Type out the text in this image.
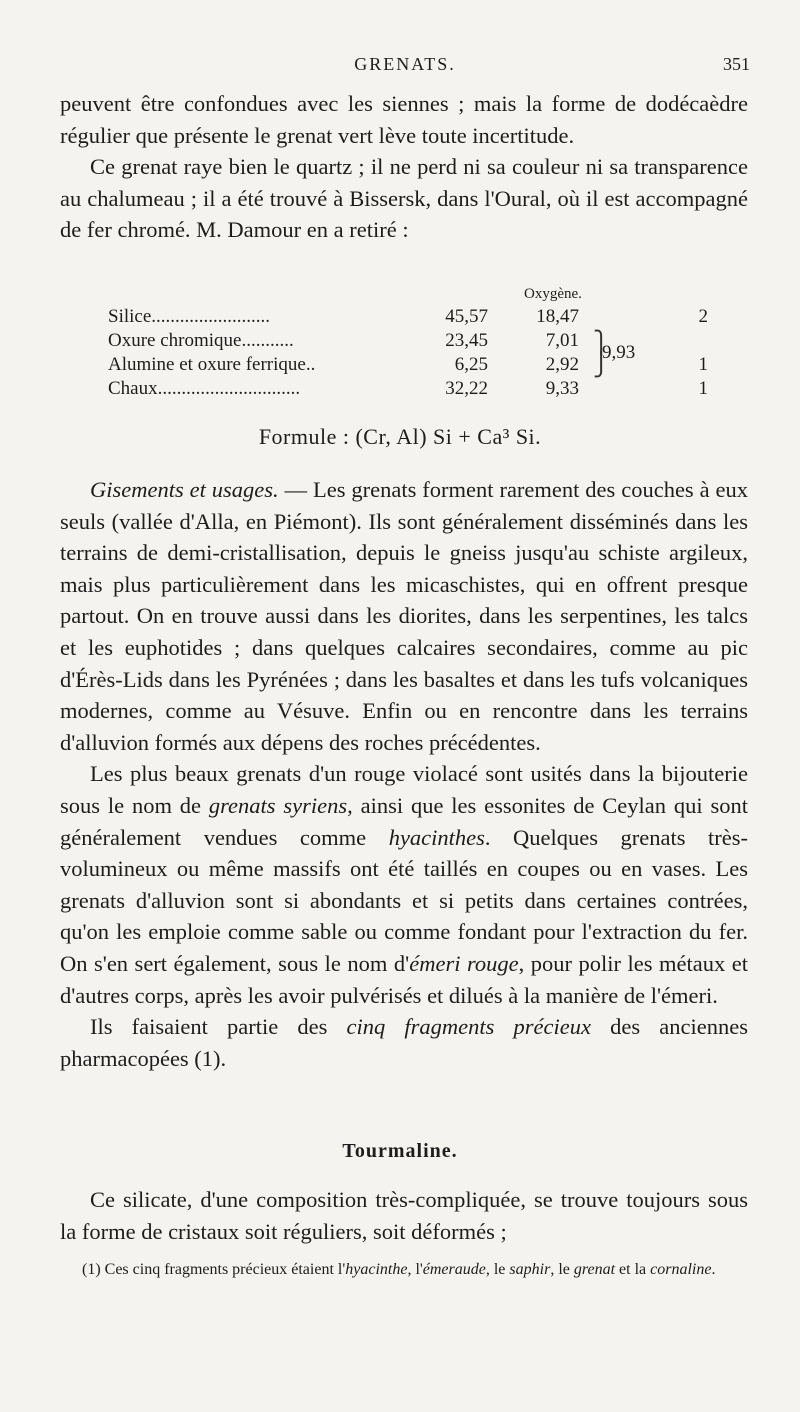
GRENATS.	351

peuvent être confondues avec les siennes ; mais la forme de dodécaèdre régulier que présente le grenat vert lève toute incertitude.

Ce grenat raye bien le quartz ; il ne perd ni sa couleur ni sa transparence au chalumeau ; il a été trouvé à Bissersk, dans l'Oural, où il est accompagné de fer chromé. M. Damour en a retiré :

Oxygène.
Silice.........................	45,57	18,47	2
Oxure chromique...........	23,45	7,01
Alumine et oxure ferrique..	6,25	2,92	1
Chaux..............................	32,22	9,33	1
⎫
⎭
9,93
Formule : (Cr, Al) Si + Ca³ Si.

Gisements et usages. — Les grenats forment rarement des couches à eux seuls (vallée d'Alla, en Piémont). Ils sont généralement disséminés dans les terrains de demi-cristallisation, depuis le gneiss jusqu'au schiste argileux, mais plus particulièrement dans les micaschistes, qui en offrent presque partout. On en trouve aussi dans les diorites, dans les serpentines, les talcs et les euphotides ; dans quelques calcaires secondaires, comme au pic d'Érès-Lids dans les Pyrénées ; dans les basaltes et dans les tufs volcaniques modernes, comme au Vésuve. Enfin ou en rencontre dans les terrains d'alluvion formés aux dépens des roches précédentes.

Les plus beaux grenats d'un rouge violacé sont usités dans la bijouterie sous le nom de grenats syriens, ainsi que les essonites de Ceylan qui sont généralement vendues comme hyacinthes. Quelques grenats très-volumineux ou même massifs ont été taillés en coupes ou en vases. Les grenats d'alluvion sont si abondants et si petits dans certaines contrées, qu'on les emploie comme sable ou comme fondant pour l'extraction du fer. On s'en sert également, sous le nom d'émeri rouge, pour polir les métaux et d'autres corps, après les avoir pulvérisés et dilués à la manière de l'émeri.

Ils faisaient partie des cinq fragments précieux des anciennes pharmacopées (1).

Tourmaline.

Ce silicate, d'une composition très-compliquée, se trouve toujours sous la forme de cristaux soit réguliers, soit déformés ;

(1) Ces cinq fragments précieux étaient l'hyacinthe, l'émeraude, le saphir, le grenat et la cornaline.
